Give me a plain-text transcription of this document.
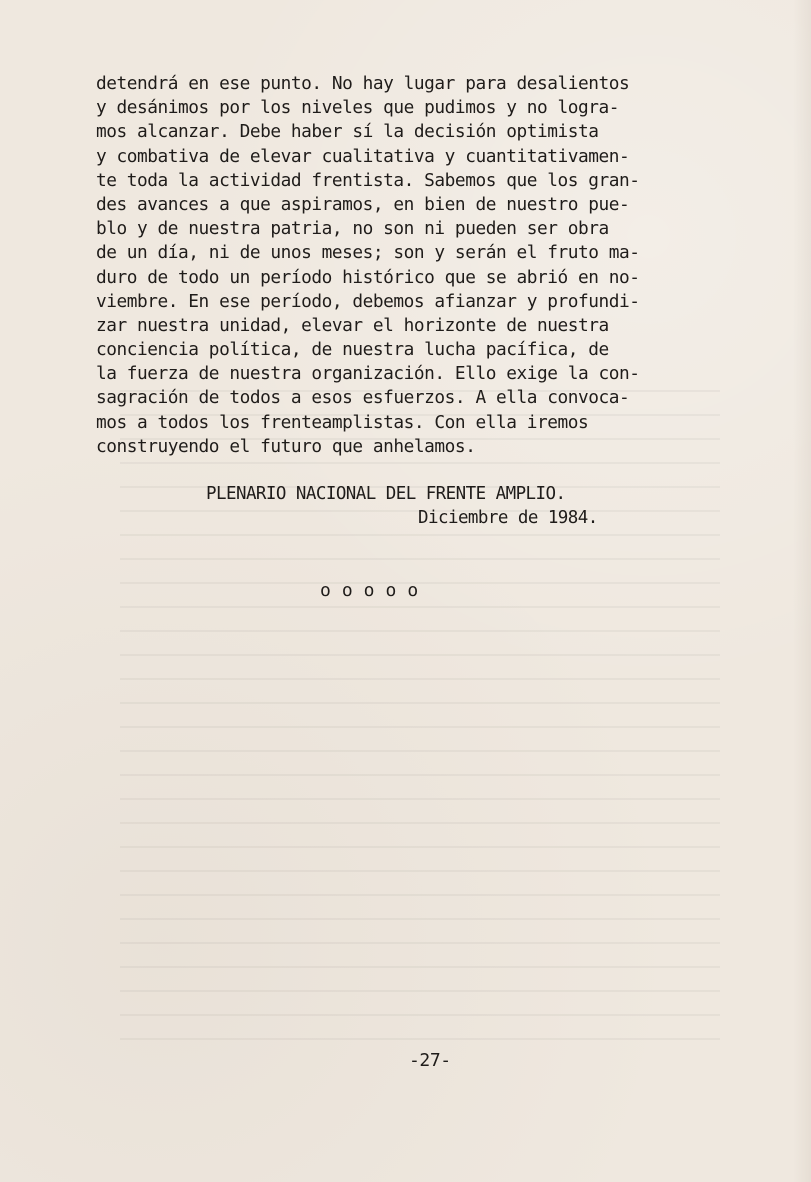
detendrá en ese punto. No hay lugar para desalientos
y desánimos por los niveles que pudimos y no logra-
mos alcanzar. Debe haber sí la decisión optimista
y combativa de elevar cualitativa y cuantitativamen-
te toda la actividad frentista. Sabemos que los gran-
des avances a que aspiramos, en bien de nuestro pue-
blo y de nuestra patria, no son ni pueden ser obra
de un día, ni de unos meses; son y serán el fruto ma-
duro de todo un período histórico que se abrió en no-
viembre. En ese período, debemos afianzar y profundi-
zar nuestra unidad, elevar el horizonte de nuestra
conciencia política, de nuestra lucha pacífica, de
la fuerza de nuestra organización. Ello exige la con-
sagración de todos a esos esfuerzos. A ella convoca-
mos a todos los frenteamplistas. Con ella iremos
construyendo el futuro que anhelamos.
PLENARIO NACIONAL DEL FRENTE AMPLIO.
Diciembre de 1984.
ooooo
-27-
